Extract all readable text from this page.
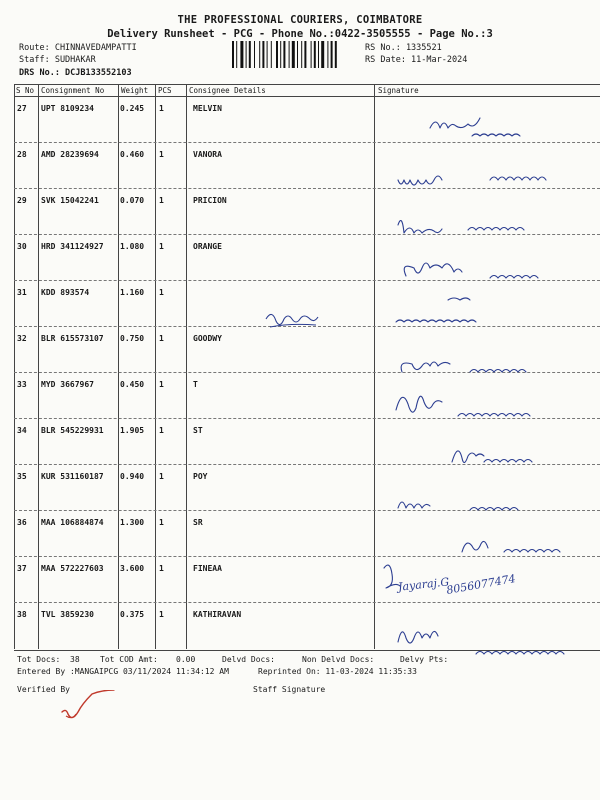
THE PROFESSIONAL COURIERS, COIMBATORE
Delivery Runsheet - PCG - Phone No.:0422-3505555 - Page No.:3
Route: CHINNAVEDAMPATTI
Staff: SUDHAKAR
DRS No.: DCJB133552103
RS No.: 1335521
RS Date: 11-Mar-2024
S No Consignment No Weight PCS Consignee Details	Signature
27 UPT 8109234	0.245 1	MELVIN
28 AMD 28239694	0.460 1	VANORA
29 SVK 15042241	0.070 1	PRICION
30 HRD 341124927 1.080 1	ORANGE
31 KDD 893574	1.160 1
32 BLR 615573107 0.750 1	GOODWY
33 MYD 3667967	0.450 1	T
34 BLR 545229931 1.905 1	ST
35 KUR 531160187 0.940 1	POY
36 MAA 106884874 1.300 1	SR
37 MAA 572227603 3.600 1	FINEAA
38 TVL 3859230	0.375 1	KATHIRAVAN
Jayaraj.G
8056077474
Tot Docs: 38	Tot COD Amt: 0.00	Delvd Docs:	Non Delvd Docs:	Delvy Pts:
Entered By :MANGAIPCG 03/11/2024 11:34:12 AM	Reprinted On: 11-03-2024 11:35:33
Verified By	Staff Signature
